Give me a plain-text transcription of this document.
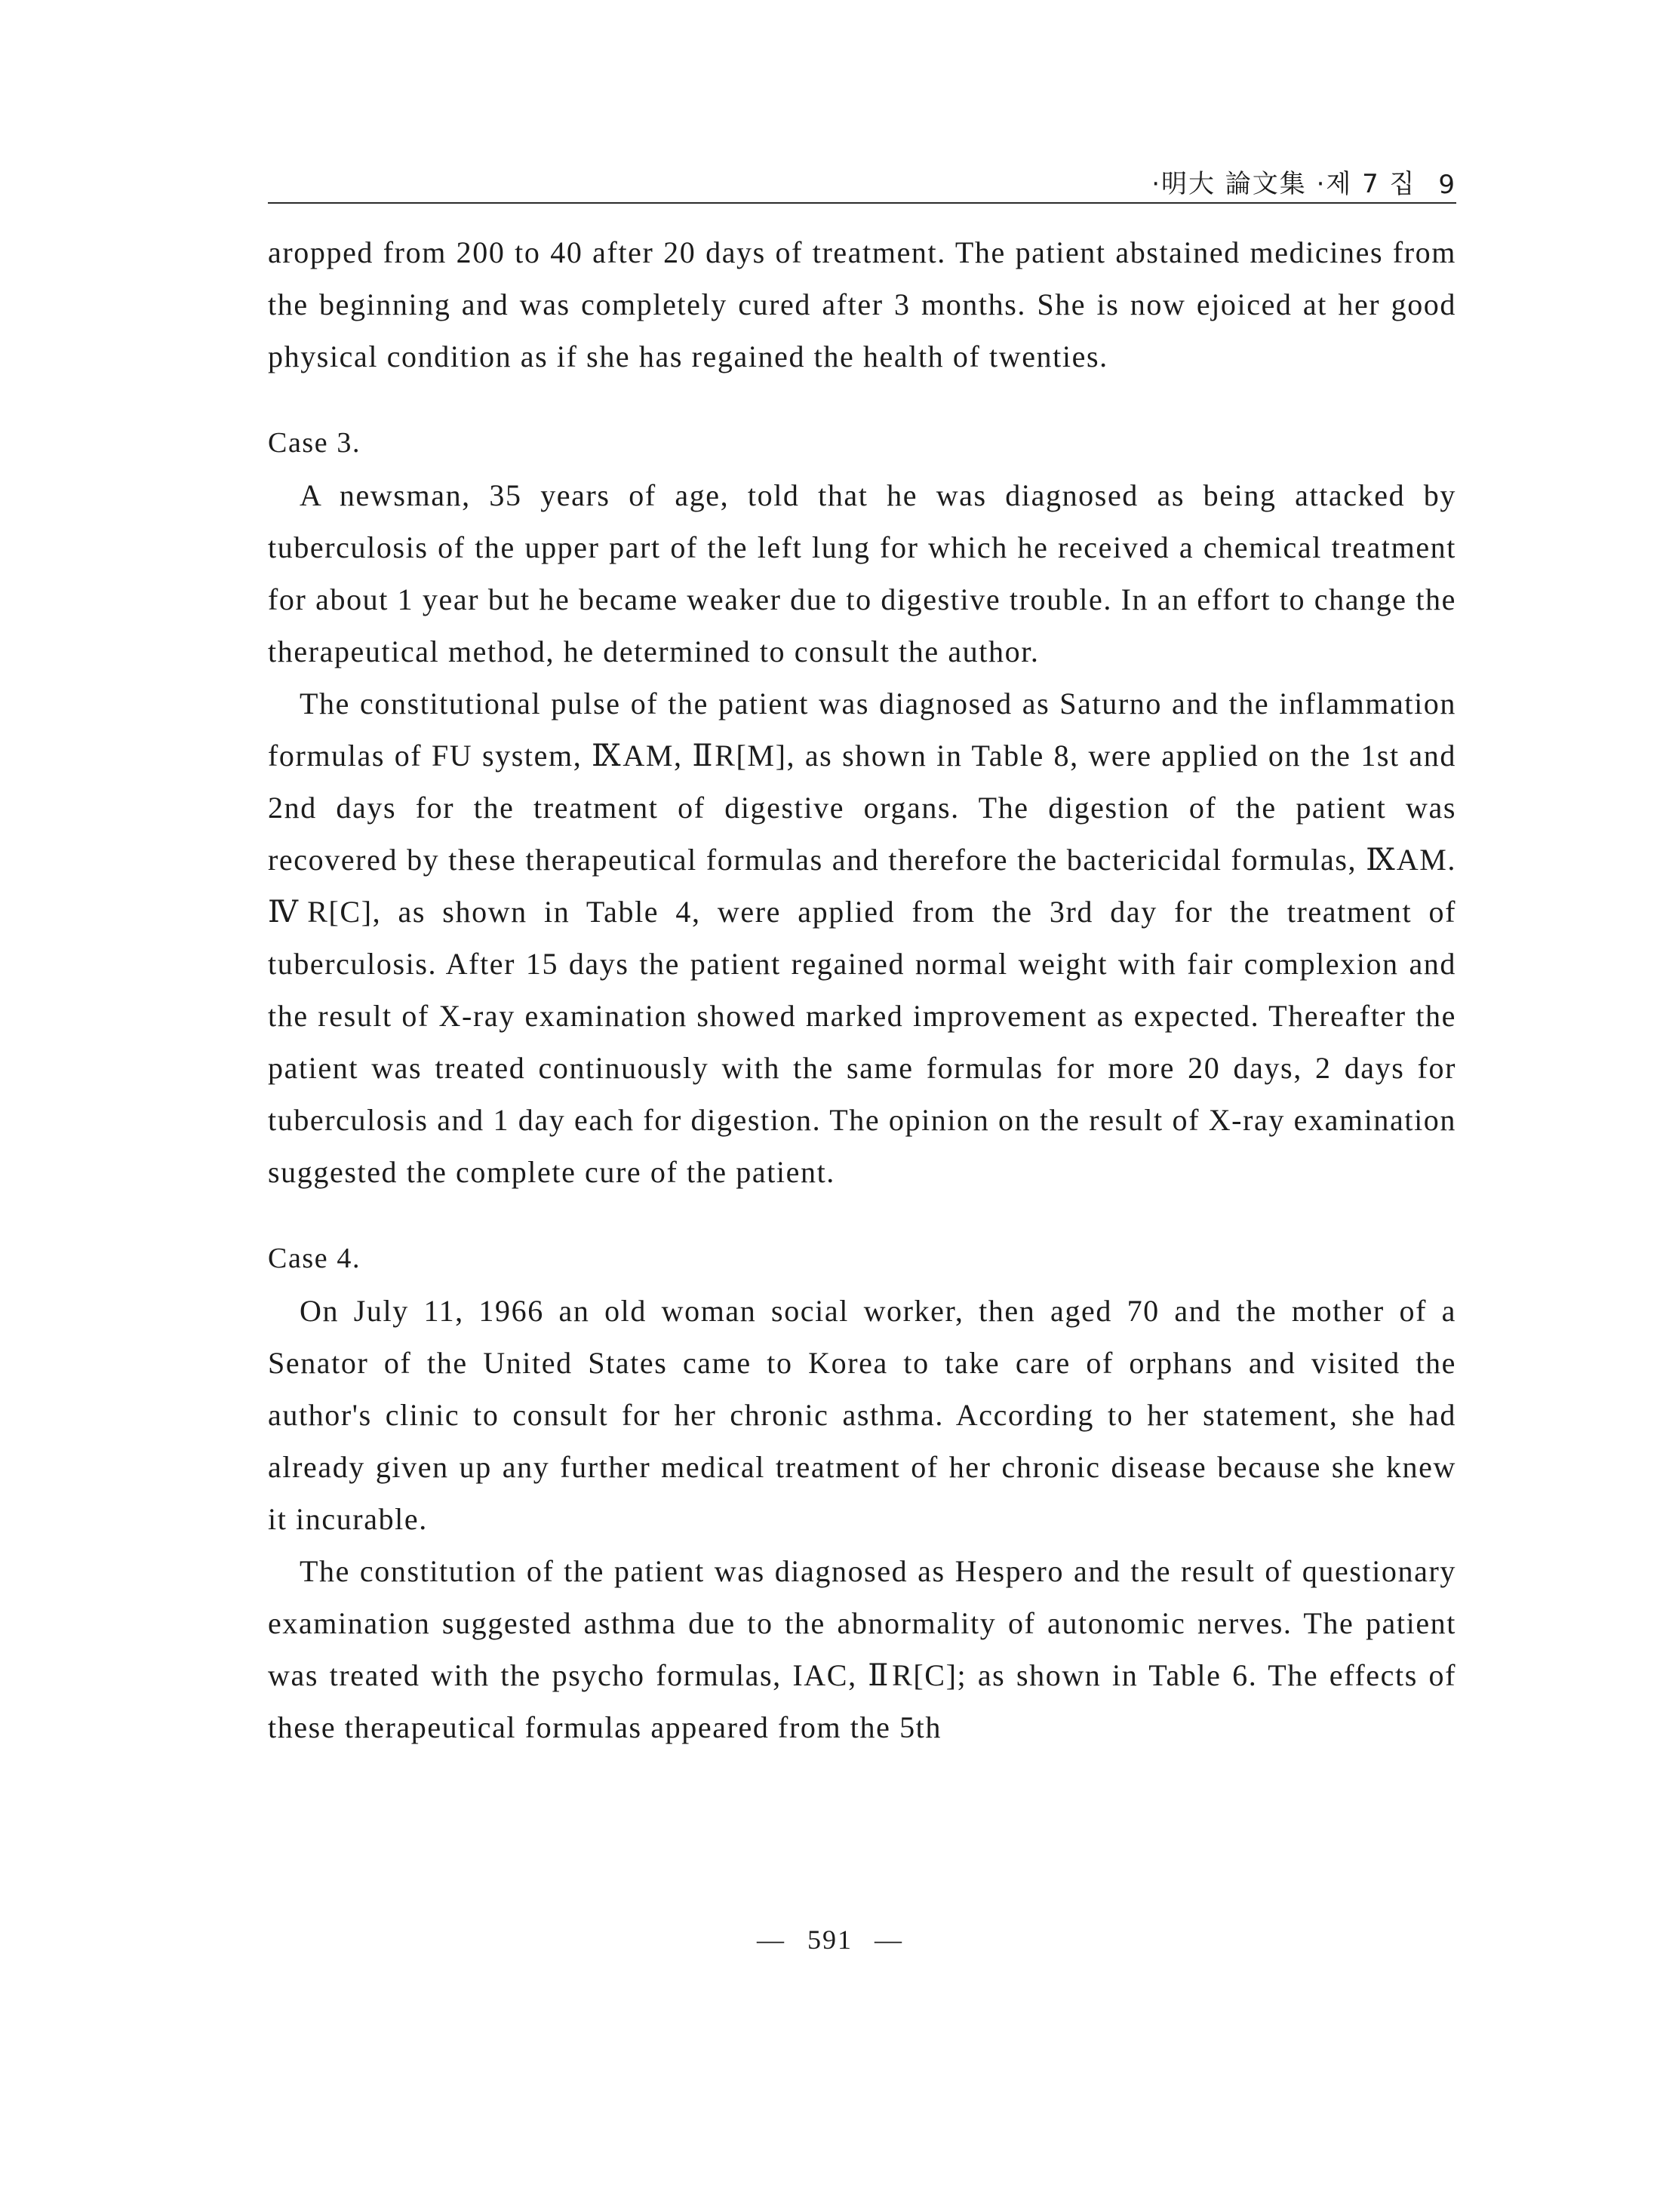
·明大 論文集 ·제 7 집 9

aropped from 200 to 40 after 20 days of treatment. The patient abstained medicines from the beginning and was completely cured after 3 months. She is now ejoiced at her good physical condition as if she has regained the health of twenties.

Case 3.

A newsman, 35 years of age, told that he was diagnosed as being attacked by tuberculosis of the upper part of the left lung for which he received a chemical treatment for about 1 year but he became weaker due to digestive trouble. In an effort to change the therapeutical method, he determined to consult the author.

The constitutional pulse of the patient was diagnosed as Saturno and the inflammation formulas of FU system, ⅨAM, ⅡR[M], as shown in Table 8, were applied on the 1st and 2nd days for the treatment of digestive organs. The digestion of the patient was recovered by these therapeutical formulas and therefore the bactericidal formulas, ⅨAM. ⅣR[C], as shown in Table 4, were applied from the 3rd day for the treatment of tuberculosis. After 15 days the patient regained normal weight with fair complexion and the result of X-ray examination showed marked improvement as expected. Thereafter the patient was treated continuously with the same formulas for more 20 days, 2 days for tuberculosis and 1 day each for digestion. The opinion on the result of X-ray examination suggested the complete cure of the patient.

Case 4.

On July 11, 1966 an old woman social worker, then aged 70 and the mother of a Senator of the United States came to Korea to take care of orphans and visited the author's clinic to consult for her chronic asthma. According to her statement, she had already given up any further medical treatment of her chronic disease because she knew it incurable.

The constitution of the patient was diagnosed as Hespero and the result of questionary examination suggested asthma due to the abnormality of autonomic nerves. The patient was treated with the psycho formulas, IAC, ⅡR[C]; as shown in Table 6. The effects of these therapeutical formulas appeared from the 5th

— 591 —
